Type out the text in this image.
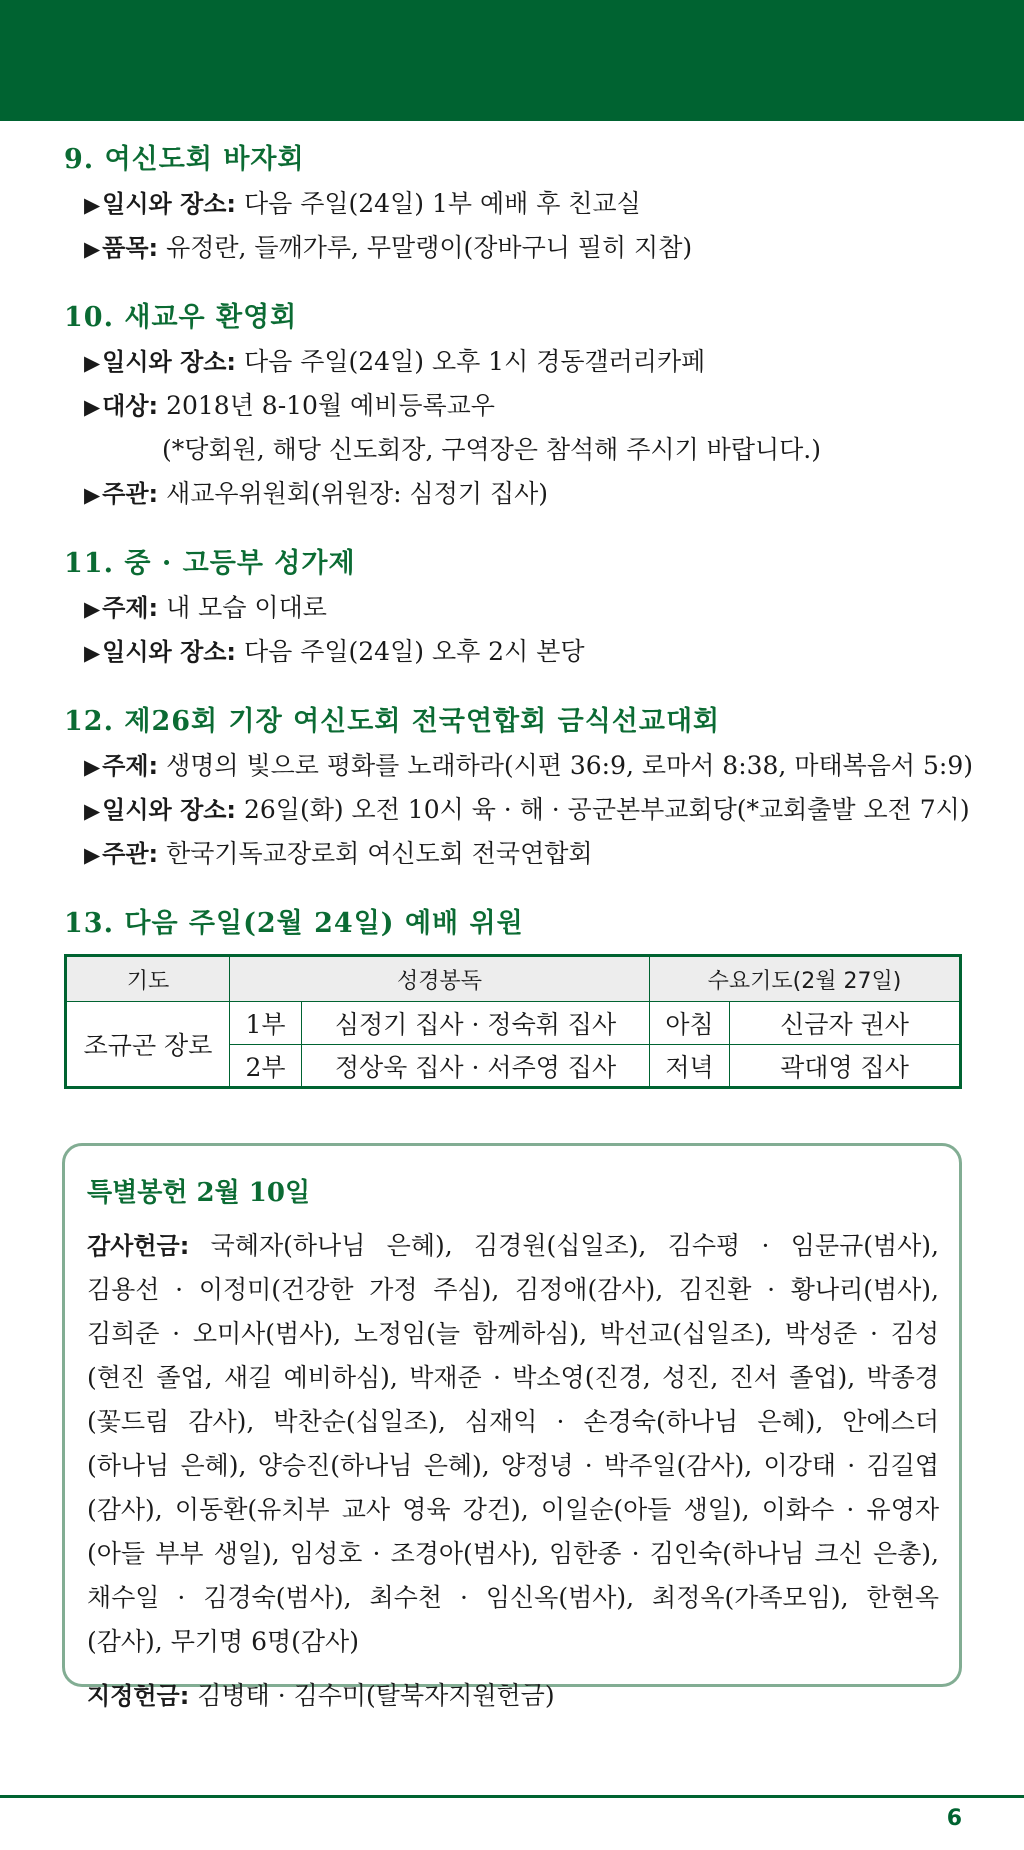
9. 여신도회 바자회
▶일시와 장소: 다음 주일(24일) 1부 예배 후 친교실
▶품목: 유정란, 들깨가루, 무말랭이(장바구니 필히 지참)
10. 새교우 환영회
▶일시와 장소: 다음 주일(24일) 오후 1시 경동갤러리카페
▶대상: 2018년 8-10월 예비등록교우
(*당회원, 해당 신도회장, 구역장은 참석해 주시기 바랍니다.)
▶주관: 새교우위원회(위원장: 심정기 집사)
11. 중 · 고등부 성가제
▶주제: 내 모습 이대로
▶일시와 장소: 다음 주일(24일) 오후 2시 본당
12. 제26회 기장 여신도회 전국연합회 금식선교대회
▶주제: 생명의 빛으로 평화를 노래하라(시편 36:9, 로마서 8:38, 마태복음서 5:9)
▶일시와 장소: 26일(화) 오전 10시 육 · 해 · 공군본부교회당(*교회출발 오전 7시)
▶주관: 한국기독교장로회 여신도회 전국연합회
13. 다음 주일(2월 24일) 예배 위원
기도	성경봉독		수요기도(2월 27일)	
조규곤 장로	1부	심정기 집사 · 정숙휘 집사	아침	신금자 권사
	2부	정상욱 집사 · 서주영 집사	저녁	곽대영 집사
특별봉헌 2월 10일

감사헌금: 국혜자(하나님 은혜), 김경원(십일조), 김수평 · 임문규(범사), 김용선 · 이정미(건강한 가정 주심), 김정애(감사), 김진환 · 황나리(범사), 김희준 · 오미사(범사), 노정임(늘 함께하심), 박선교(십일조), 박성준 · 김성(현진 졸업, 새길 예비하심), 박재준 · 박소영(진경, 성진, 진서 졸업), 박종경(꽃드림 감사), 박찬순(십일조), 심재익 · 손경숙(하나님 은혜), 안에스더(하나님 은혜), 양승진(하나님 은혜), 양정녕 · 박주일(감사), 이강태 · 김길엽(감사), 이동환(유치부 교사 영육 강건), 이일순(아들 생일), 이화수 · 유영자(아들 부부 생일), 임성호 · 조경아(범사), 임한종 · 김인숙(하나님 크신 은총), 채수일 · 김경숙(범사), 최수천 · 임신옥(범사), 최정옥(가족모임), 한현옥(감사), 무기명 6명(감사)

지정헌금: 김병태 · 김수미(탈북자지원헌금)

6
